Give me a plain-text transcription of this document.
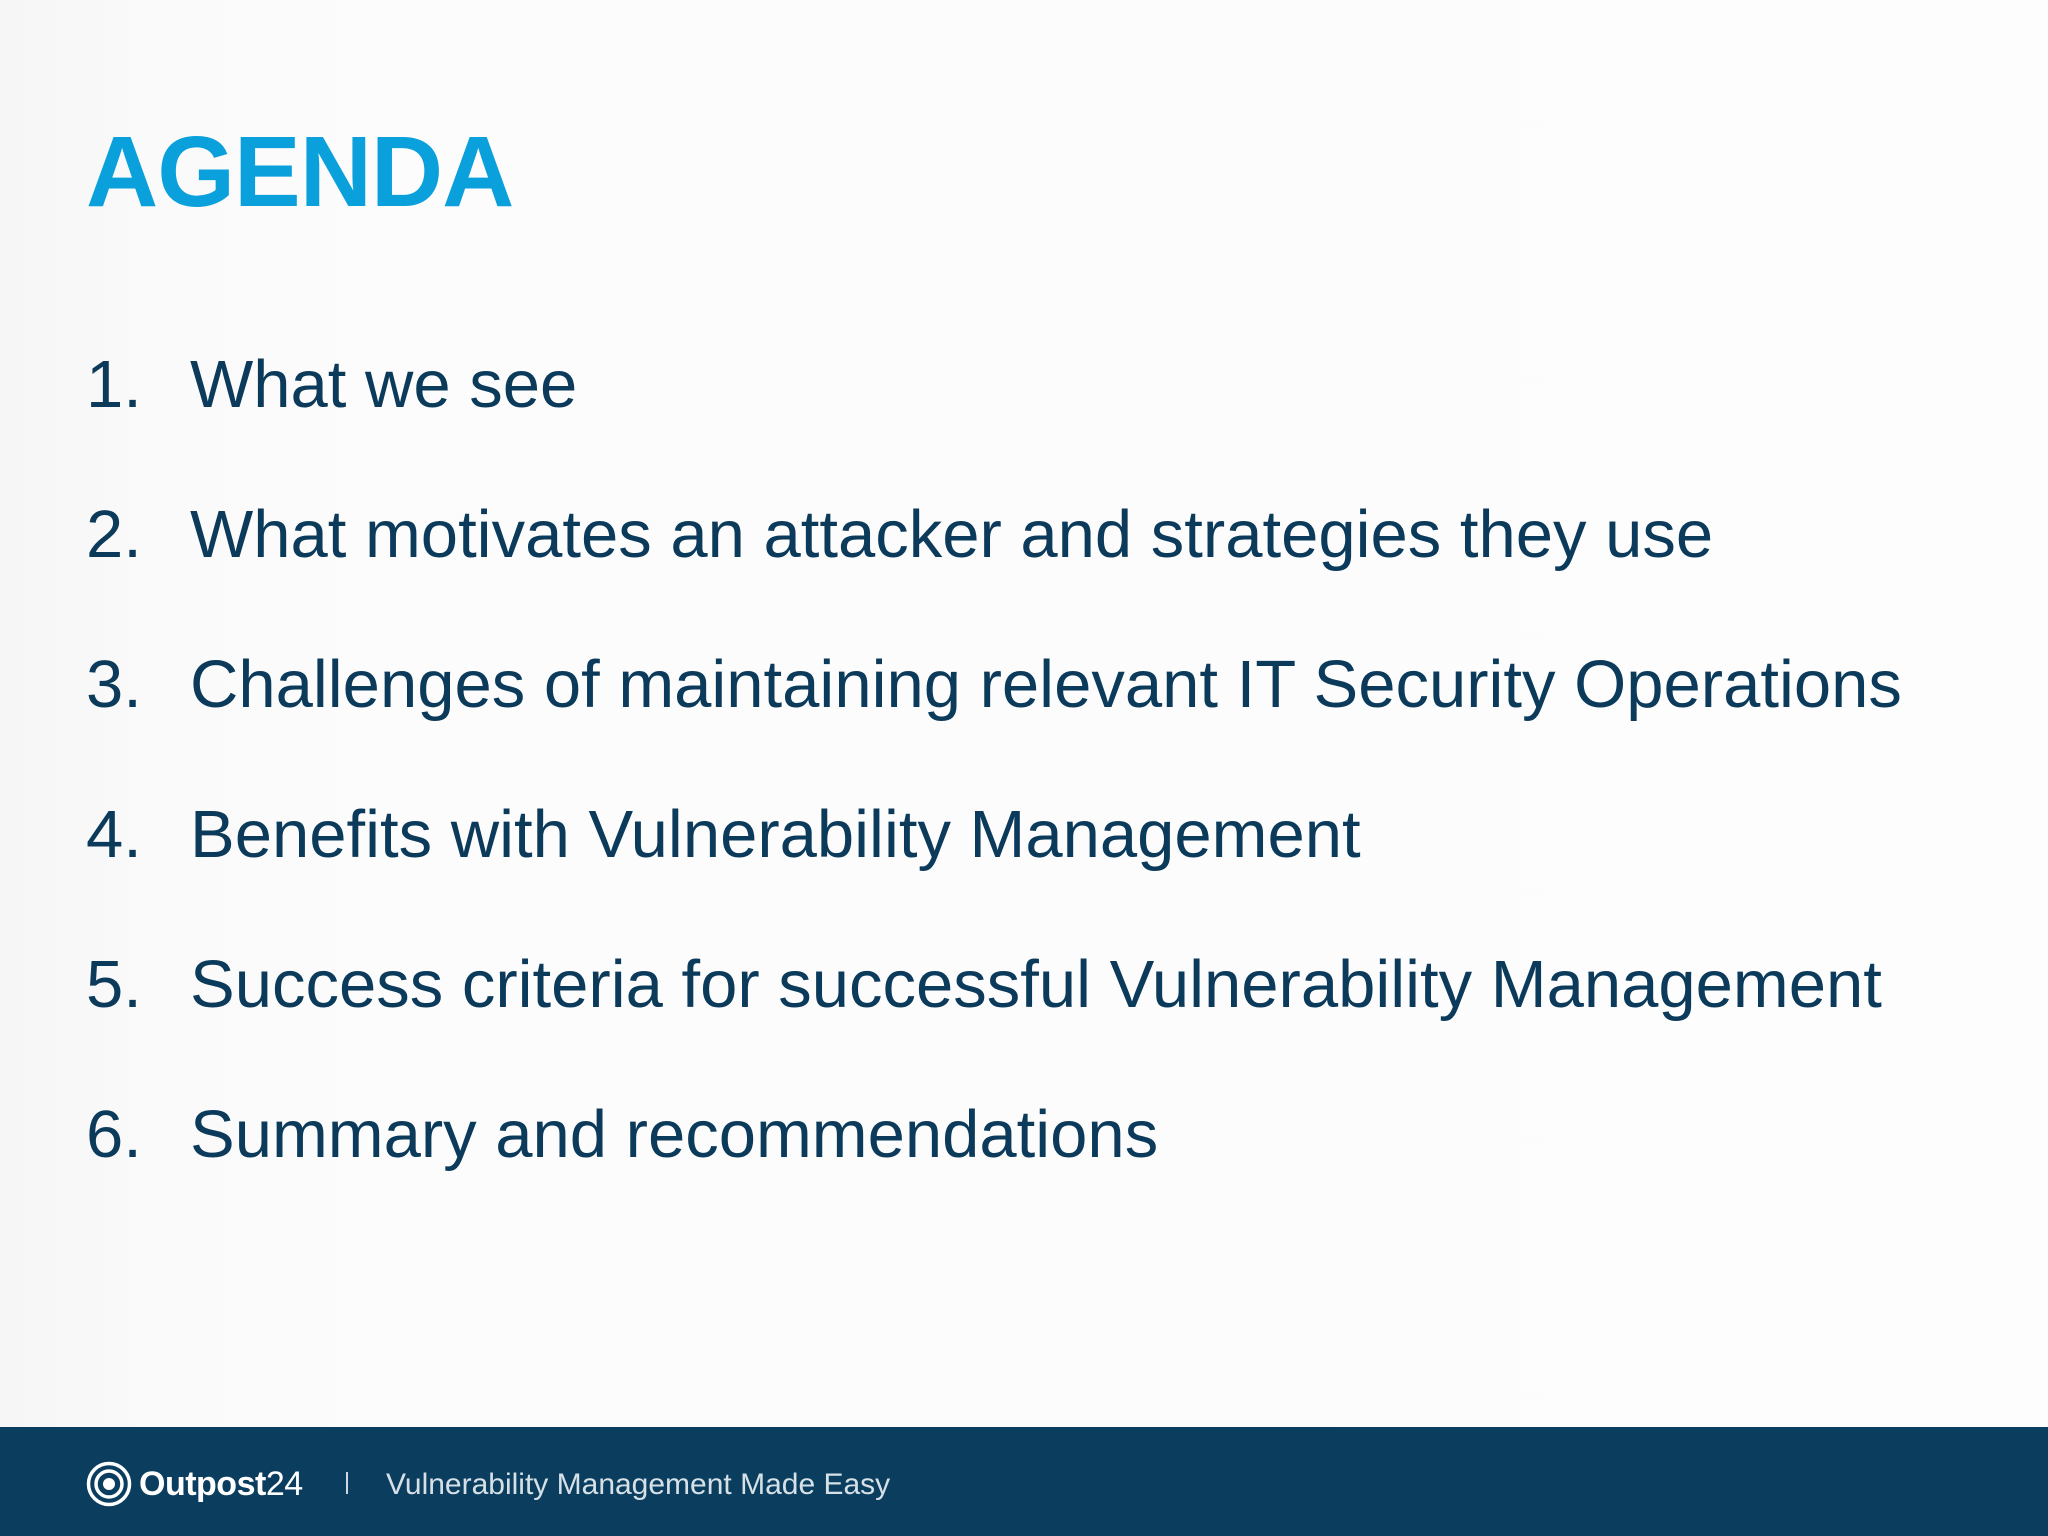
AGENDA
1. What we see
2. What motivates an attacker and strategies they use
3. Challenges of maintaining relevant IT Security Operations
4. Benefits with Vulnerability Management
5. Success criteria for successful Vulnerability Management
6. Summary and recommendations
Outpost24	Vulnerability Management Made Easy
